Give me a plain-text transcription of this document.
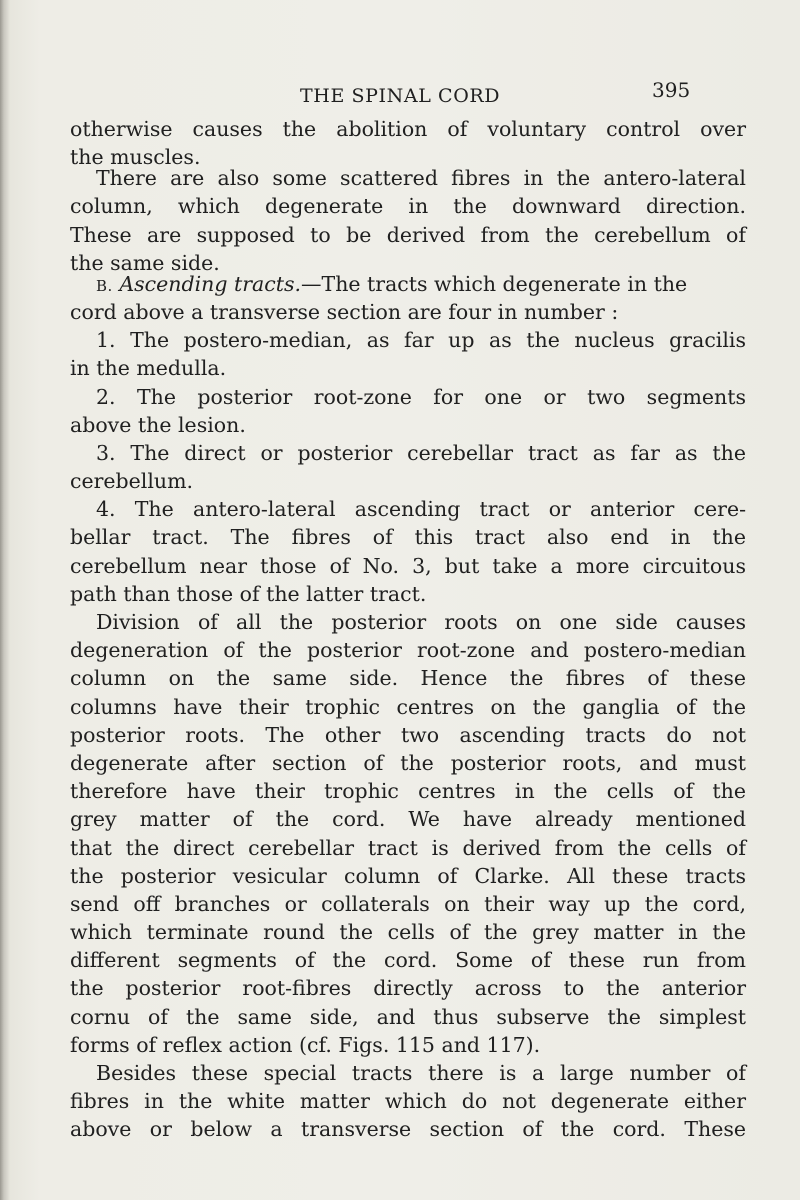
THE SPINAL CORD	395
otherwise causes the abolition of voluntary control over
the muscles.
There are also some scattered fibres in the antero-lateral
column, which degenerate in the downward direction.
These are supposed to be derived from the cerebellum of
the same side.
B. Ascending tracts.—The tracts which degenerate in the
cord above a transverse section are four in number :
1. The postero-median, as far up as the nucleus gracilis
in the medulla.
2. The posterior root-zone for one or two segments
above the lesion.
3. The direct or posterior cerebellar tract as far as the
cerebellum.
4. The antero-lateral ascending tract or anterior cere-
bellar tract. The fibres of this tract also end in the
cerebellum near those of No. 3, but take a more circuitous
path than those of the latter tract.
Division of all the posterior roots on one side causes
degeneration of the posterior root-zone and postero-median
column on the same side. Hence the fibres of these
columns have their trophic centres on the ganglia of the
posterior roots. The other two ascending tracts do not
degenerate after section of the posterior roots, and must
therefore have their trophic centres in the cells of the
grey matter of the cord. We have already mentioned
that the direct cerebellar tract is derived from the cells of
the posterior vesicular column of Clarke. All these tracts
send off branches or collaterals on their way up the cord,
which terminate round the cells of the grey matter in the
different segments of the cord. Some of these run from
the posterior root-fibres directly across to the anterior
cornu of the same side, and thus subserve the simplest
forms of reflex action (cf. Figs. 115 and 117).
Besides these special tracts there is a large number of
fibres in the white matter which do not degenerate either
above or below a transverse section of the cord. These
